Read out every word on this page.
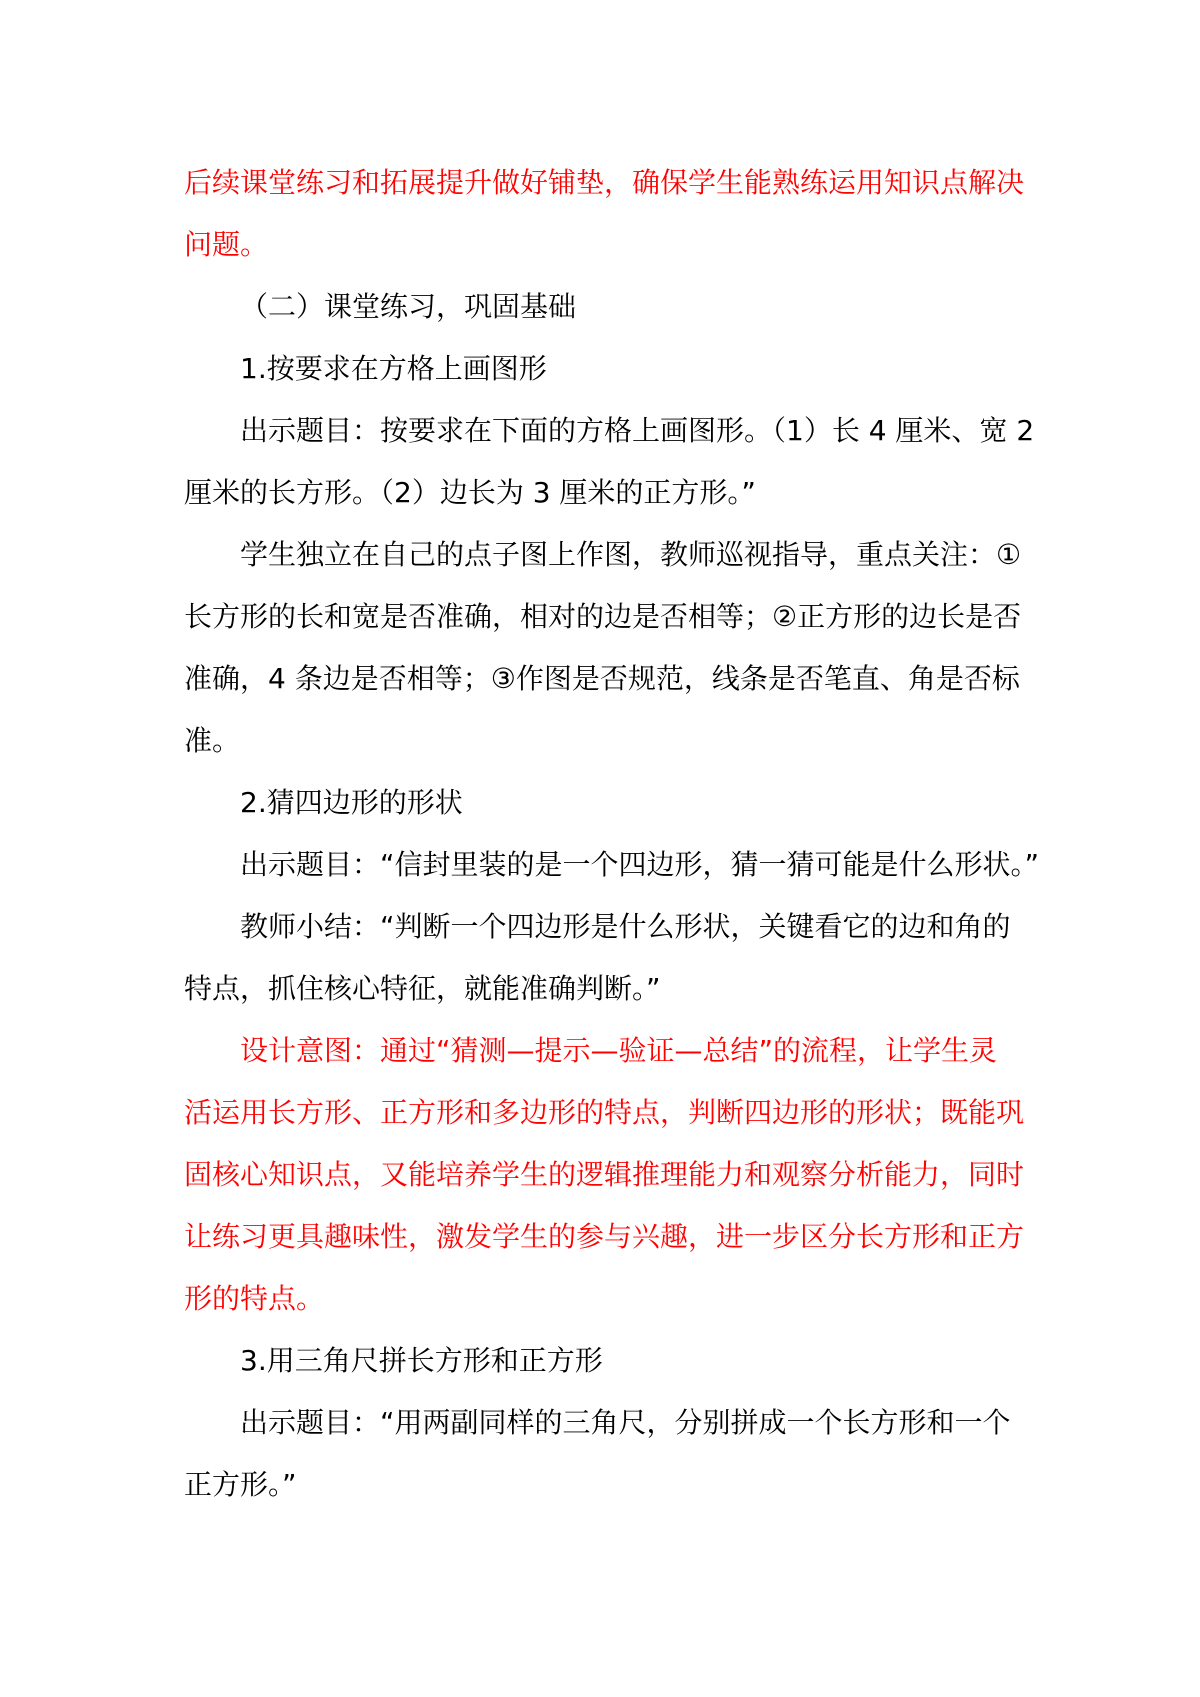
后续课堂练习和拓展提升做好铺垫，确保学生能熟练运用知识点解决

问题。

（二）课堂练习，巩固基础

1.按要求在方格上画图形

出示题目：按要求在下面的方格上画图形。（1）长 4 厘米、宽 2

厘米的长方形。（2）边长为 3 厘米的正方形。”

学生独立在自己的点子图上作图，教师巡视指导，重点关注：①

长方形的长和宽是否准确，相对的边是否相等；②正方形的边长是否

准确，4 条边是否相等；③作图是否规范，线条是否笔直、角是否标

准。

2.猜四边形的形状

出示题目：“信封里装的是一个四边形，猜一猜可能是什么形状。”

教师小结：“判断一个四边形是什么形状，关键看它的边和角的

特点，抓住核心特征，就能准确判断。”

设计意图：通过“猜测—提示—验证—总结”的流程，让学生灵

活运用长方形、正方形和多边形的特点，判断四边形的形状；既能巩

固核心知识点，又能培养学生的逻辑推理能力和观察分析能力，同时

让练习更具趣味性，激发学生的参与兴趣，进一步区分长方形和正方

形的特点。

3.用三角尺拼长方形和正方形

出示题目：“用两副同样的三角尺，分别拼成一个长方形和一个

正方形。”
